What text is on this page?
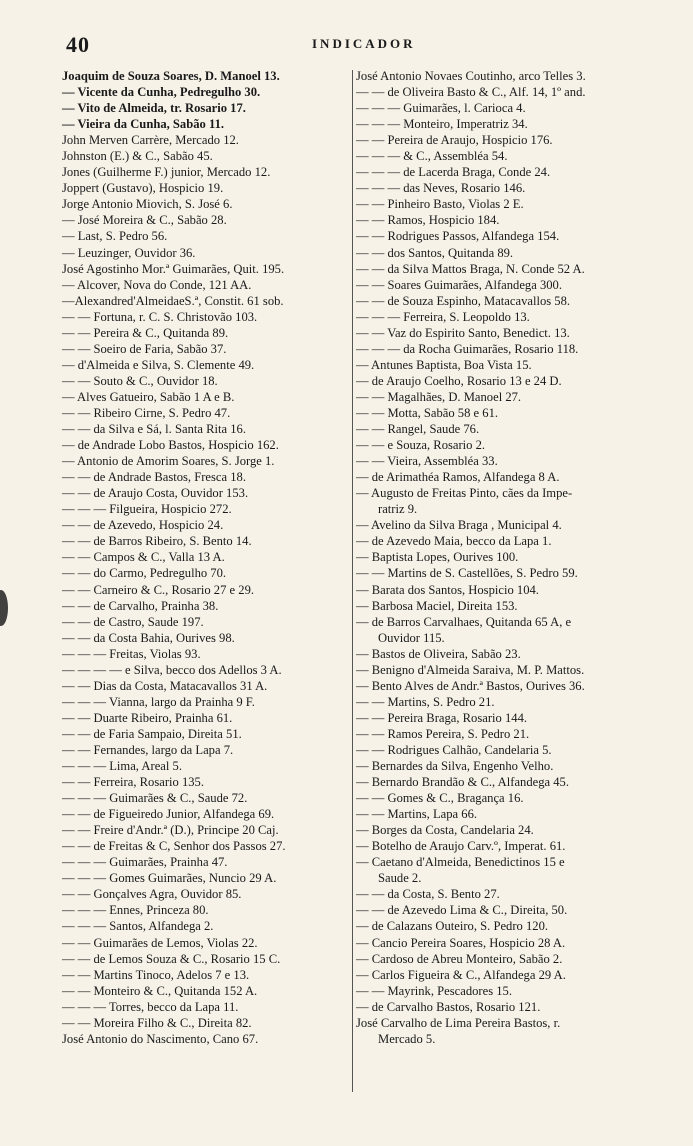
40	INDICADOR
Joaquim de Souza Soares, D. Manoel 13.
— Vicente da Cunha, Pedregulho 30.
— Vito de Almeida, tr. Rosario 17.
— Vieira da Cunha, Sabão 11.
John Merven Carrère, Mercado 12.
Johnston (E.) & C., Sabão 45.
Jones (Guilherme F.) junior, Mercado 12.
Joppert (Gustavo), Hospicio 19.
Jorge Antonio Miovich, S. José 6.
— José Moreira & C., Sabão 28.
— Last, S. Pedro 56.
— Leuzinger, Ouvidor 36.
José Agostinho Mor.ª Guimarães, Quit. 195.
— Alcover, Nova do Conde, 121 AA.
—Alexandred'AlmeidaeS.ª, Constit. 61 sob.
— — Fortuna, r. C. S. Christovão 103.
— — Pereira & C., Quitanda 89.
— — Soeiro de Faria, Sabão 37.
— d'Almeida e Silva, S. Clemente 49.
— — Souto & C., Ouvidor 18.
— Alves Gatueiro, Sabão 1 A e B.
— — Ribeiro Cirne, S. Pedro 47.
— — da Silva e Sá, l. Santa Rita 16.
— de Andrade Lobo Bastos, Hospicio 162.
— Antonio de Amorim Soares, S. Jorge 1.
— — de Andrade Bastos, Fresca 18.
— — de Araujo Costa, Ouvidor 153.
— — — Filgueira, Hospicio 272.
— — de Azevedo, Hospicio 24.
— — de Barros Ribeiro, S. Bento 14.
— — Campos & C., Valla 13 A.
— — do Carmo, Pedregulho 70.
— — Carneiro & C., Rosario 27 e 29.
— — de Carvalho, Prainha 38.
— — de Castro, Saude 197.
— — da Costa Bahia, Ourives 98.
— — — Freitas, Violas 93.
— — — — e Silva, becco dos Adellos 3 A.
— — Dias da Costa, Matacavallos 31 A.
— — — Vianna, largo da Prainha 9 F.
— — Duarte Ribeiro, Prainha 61.
— — de Faria Sampaio, Direita 51.
— — Fernandes, largo da Lapa 7.
— — — Lima, Areal 5.
— — Ferreira, Rosario 135.
— — — Guimarães & C., Saude 72.
— — de Figueiredo Junior, Alfandega 69.
— — Freire d'Andr.ª (D.), Principe 20 Caj.
— — de Freitas & C, Senhor dos Passos 27.
— — — Guimarães, Prainha 47.
— — — Gomes Guimarães, Nuncio 29 A.
— — Gonçalves Agra, Ouvidor 85.
— — — Ennes, Princeza 80.
— — — Santos, Alfandega 2.
— — Guimarães de Lemos, Violas 22.
— — de Lemos Souza & C., Rosario 15 C.
— — Martins Tinoco, Adelos 7 e 13.
— — Monteiro & C., Quitanda 152 A.
— — — Torres, becco da Lapa 11.
— — Moreira Filho & C., Direita 82.
José Antonio do Nascimento, Cano 67.
José Antonio Novaes Coutinho, arco Telles 3.
— — de Oliveira Basto & C., Alf. 14, 1º and.
— — — Guimarães, l. Carioca 4.
— — — Monteiro, Imperatriz 34.
— — Pereira de Araujo, Hospicio 176.
— — — & C., Assembléa 54.
— — — de Lacerda Braga, Conde 24.
— — — das Neves, Rosario 146.
— — Pinheiro Basto, Violas 2 E.
— — Ramos, Hospicio 184.
— — Rodrigues Passos, Alfandega 154.
— — dos Santos, Quitanda 89.
— — da Silva Mattos Braga, N. Conde 52 A.
— — Soares Guimarães, Alfandega 300.
— — de Souza Espinho, Matacavallos 58.
— — — Ferreira, S. Leopoldo 13.
— — Vaz do Espirito Santo, Benedict. 13.
— — — da Rocha Guimarães, Rosario 118.
— Antunes Baptista, Boa Vista 15.
— de Araujo Coelho, Rosario 13 e 24 D.
— — Magalhães, D. Manoel 27.
— — Motta, Sabão 58 e 61.
— — Rangel, Saude 76.
— — e Souza, Rosario 2.
— — Vieira, Assembléa 33.
— de Arimathéa Ramos, Alfandega 8 A.
— Augusto de Freitas Pinto, cães da Impe-
ratriz 9.
— Avelino da Silva Braga , Municipal 4.
— de Azevedo Maia, becco da Lapa 1.
— Baptista Lopes, Ourives 100.
— — Martins de S. Castellões, S. Pedro 59.
— Barata dos Santos, Hospicio 104.
— Barbosa Maciel, Direita 153.
— de Barros Carvalhaes, Quitanda 65 A, e
Ouvidor 115.
— Bastos de Oliveira, Sabão 23.
— Benigno d'Almeida Saraiva, M. P. Mattos.
— Bento Alves de Andr.ª Bastos, Ourives 36.
— — Martins, S. Pedro 21.
— — Pereira Braga, Rosario 144.
— — Ramos Pereira, S. Pedro 21.
— — Rodrigues Calhão, Candelaria 5.
— Bernardes da Silva, Engenho Velho.
— Bernardo Brandão & C., Alfandega 45.
— — Gomes & C., Bragança 16.
— — Martins, Lapa 66.
— Borges da Costa, Candelaria 24.
— Botelho de Araujo Carv.º, Imperat. 61.
— Caetano d'Almeida, Benedictinos 15 e
Saude 2.
— — da Costa, S. Bento 27.
— — de Azevedo Lima & C., Direita, 50.
— de Calazans Outeiro, S. Pedro 120.
— Cancio Pereira Soares, Hospicio 28 A.
— Cardoso de Abreu Monteiro, Sabão 2.
— Carlos Figueira & C., Alfandega 29 A.
— — Mayrink, Pescadores 15.
— de Carvalho Bastos, Rosario 121.
José Carvalho de Lima Pereira Bastos, r.
Mercado 5.
